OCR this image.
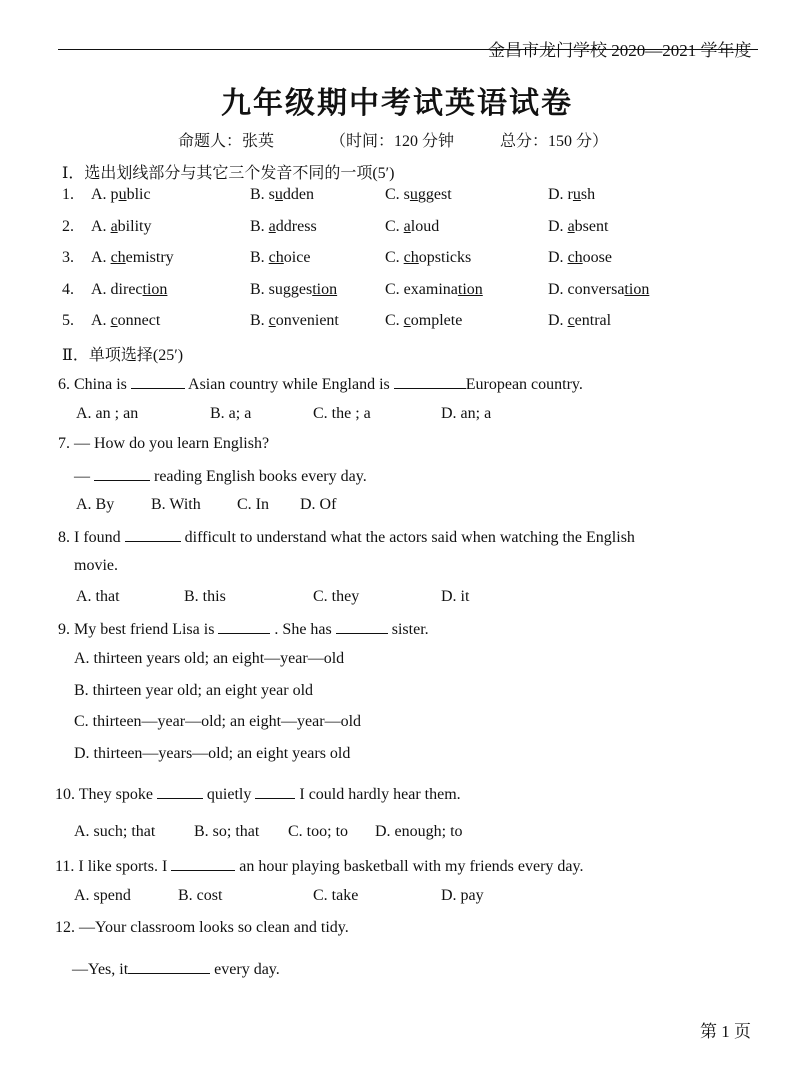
金昌市龙门学校 2020—2021 学年度
九年级期中考试英语试卷
命题人：张英	（时间：120 分钟	总分：150 分）
Ⅰ．选出划线部分与其它三个发音不同的一项(5′)
1. A. public	B. sudden	C. suggest	D. rush
2. A. ability	B. address	C. aloud	D. absent
3. A. chemistry	B. choice	C. chopsticks	D. choose
4. A. direction	B. suggestion	C. examination	D. conversation
5. A. connect	B. convenient	C. complete	D. central
Ⅱ．单项选择(25′)
6. China is	Asian country while England is	European country.
A. an ; an	B. a; a	C. the ; a	D. an; a
7. — How do you learn English?
—	reading English books every day.
A. By B. With C. In D. Of
8. I found	difficult to understand what the actors said when watching the English
movie.
A. that	B. this	C. they	D. it
9. My best friend Lisa is	. She has	sister.
A. thirteen years old; an eight—year—old
B. thirteen year old; an eight year old
C. thirteen—year—old; an eight—year—old
D. thirteen—years—old; an eight years old
10. They spoke	quietly	I could hardly hear them.
A. such; that B. so; that C. too; to D. enough; to
11. I like sports. I	an hour playing basketball with my friends every day.
A. spend	B. cost	C. take	D. pay
12. —Your classroom looks so clean and tidy.
—Yes, it	every day.
第 1 页
